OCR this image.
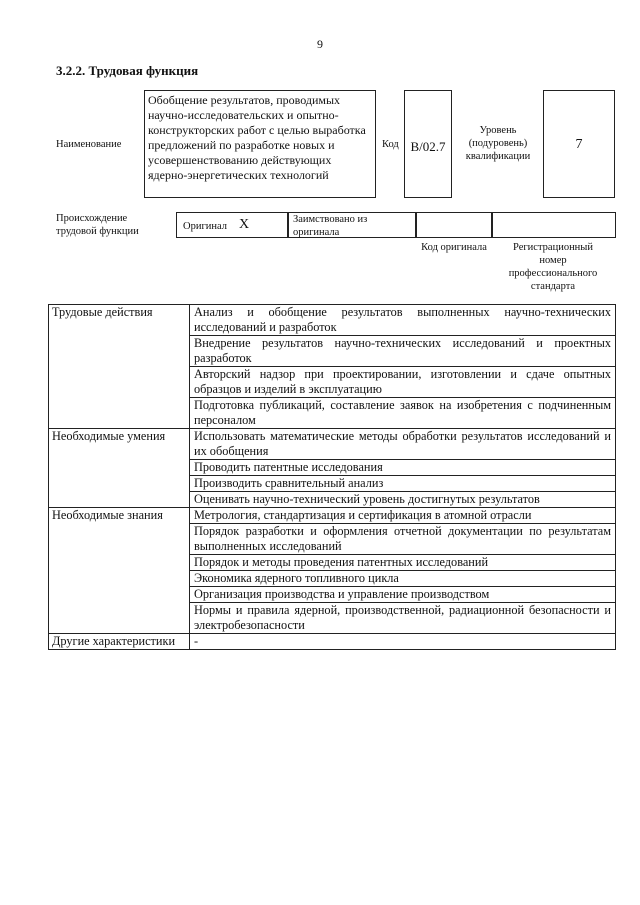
9
3.2.2. Трудовая функция
Наименование
Обобщение результатов, проводимых научно-исследовательских и опытно-конструкторских работ с целью выработка предложений по разработке новых и усовершенствованию действующих ядерно-энергетических технологий
Код B/02.7
Уровень (подуровень) квалификации
7
Происхождение трудовой функции	Оригинал X	Заимствовано из оригинала
Код оригинала	Регистрационный номер профессионального стандарта
Трудовые действия	Анализ и обобщение результатов выполненных научно-технических исследований и разработок
	Внедрение результатов научно-технических исследований и проектных разработок
	Авторский надзор при проектировании, изготовлении и сдаче опытных образцов и изделий в эксплуатацию
	Подготовка публикаций, составление заявок на изобретения с подчиненным персоналом
Необходимые умения	Использовать математические методы обработки результатов исследований и их обобщения
	Проводить патентные исследования
	Производить сравнительный анализ
	Оценивать научно-технический уровень достигнутых результатов
Необходимые знания	Метрология, стандартизация и сертификация в атомной отрасли
	Порядок разработки и оформления отчетной документации по результатам выполненных исследований
	Порядок и методы проведения патентных исследований
	Экономика ядерного топливного цикла
	Организация производства и управление производством
	Нормы и правила ядерной, производственной, радиационной безопасности и электробезопасности
Другие характеристики	-
